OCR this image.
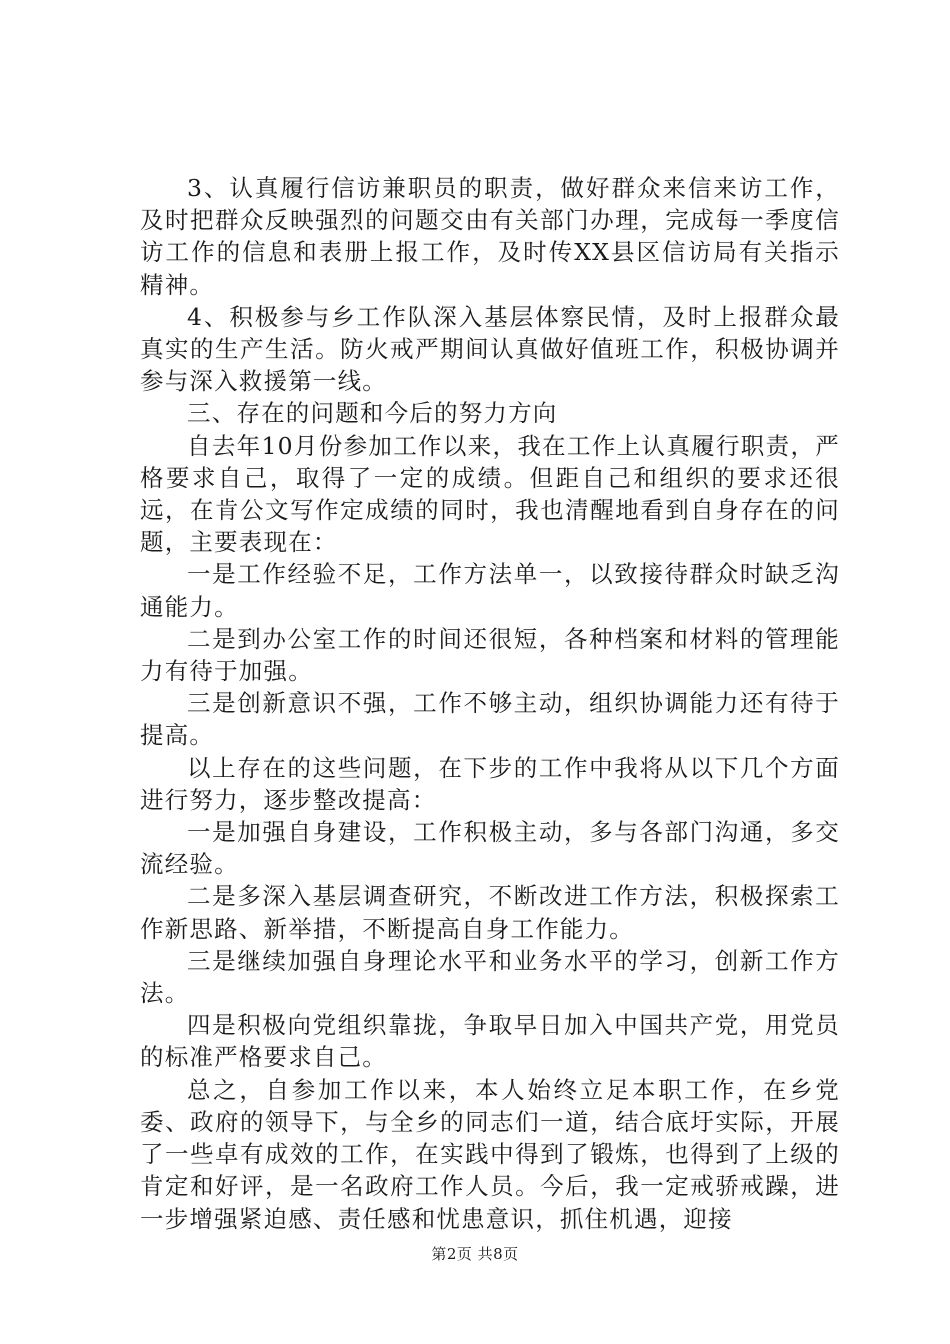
3、认真履行信访兼职员的职责，做好群众来信来访工作，及时把群众反映强烈的问题交由有关部门办理，完成每一季度信访工作的信息和表册上报工作，及时传XX县区信访局有关指示精神。

4、积极参与乡工作队深入基层体察民情，及时上报群众最真实的生产生活。防火戒严期间认真做好值班工作，积极协调并参与深入救援第一线。

三、存在的问题和今后的努力方向

自去年10月份参加工作以来，我在工作上认真履行职责，严格要求自己，取得了一定的成绩。但距自己和组织的要求还很远，在肯公文写作定成绩的同时，我也清醒地看到自身存在的问题，主要表现在：

一是工作经验不足，工作方法单一，以致接待群众时缺乏沟通能力。

二是到办公室工作的时间还很短，各种档案和材料的管理能力有待于加强。

三是创新意识不强，工作不够主动，组织协调能力还有待于提高。

以上存在的这些问题，在下步的工作中我将从以下几个方面进行努力，逐步整改提高：

一是加强自身建设，工作积极主动，多与各部门沟通，多交流经验。

二是多深入基层调查研究，不断改进工作方法，积极探索工作新思路、新举措，不断提高自身工作能力。

三是继续加强自身理论水平和业务水平的学习，创新工作方法。

四是积极向党组织靠拢，争取早日加入中国共产党，用党员的标准严格要求自己。

总之，自参加工作以来，本人始终立足本职工作，在乡党委、政府的领导下，与全乡的同志们一道，结合底圩实际，开展了一些卓有成效的工作，在实践中得到了锻炼，也得到了上级的肯定和好评，是一名政府工作人员。今后，我一定戒骄戒躁，进一步增强紧迫感、责任感和忧患意识，抓住机遇，迎接

第2页 共8页
